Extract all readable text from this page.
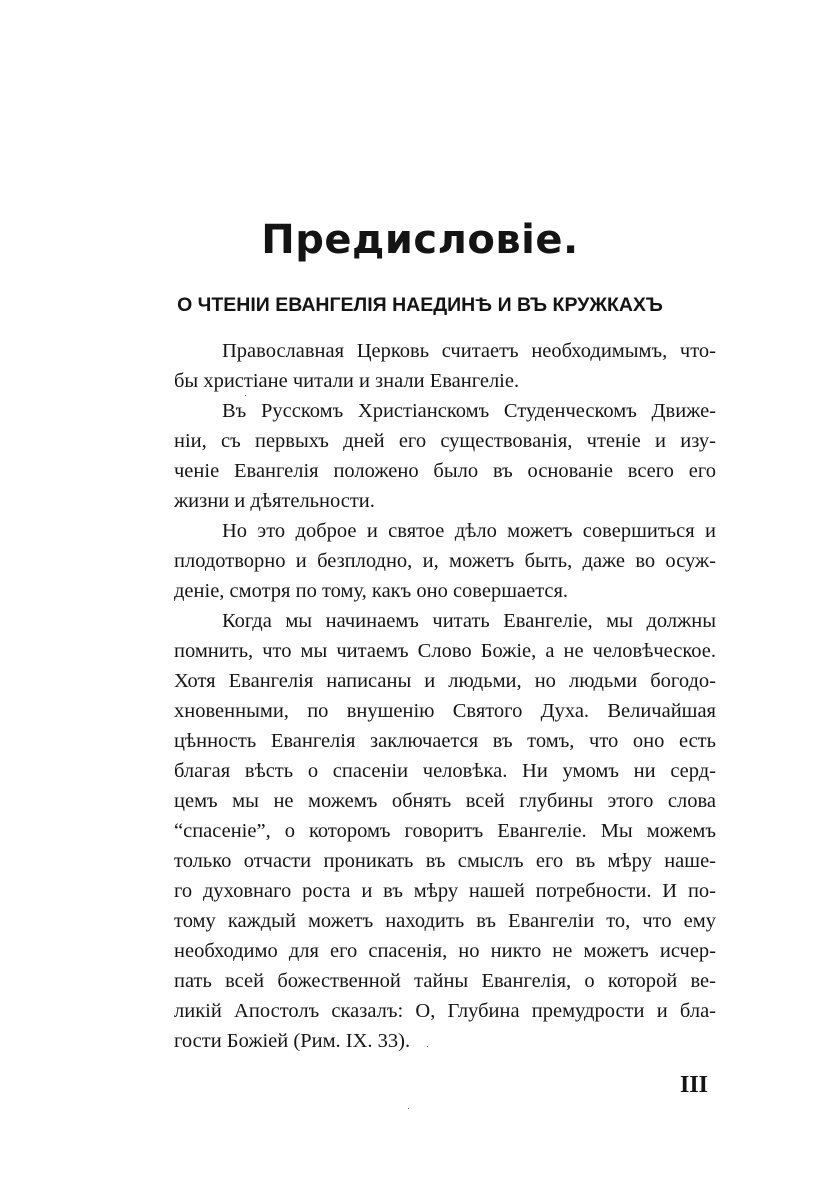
Предисловіе.
О ЧТЕНІИ ЕВАНГЕЛІЯ НАЕДИНѢ И ВЪ КРУЖКАХЪ
Православная Церковь считаетъ необходимымъ, что-
бы христіане читали и знали Евангеліе.
Въ Русскомъ Христіанскомъ Студенческомъ Движе-
ніи, съ первыхъ дней его существованія, чтеніе и изу-
ченіе Евангелія положено было въ основаніе всего его
жизни и дѣятельности.
Но это доброе и святое дѣло можетъ совершиться и
плодотворно и безплодно, и, можетъ быть, даже во осуж-
деніе, смотря по тому, какъ оно совершается.
Когда мы начинаемъ читать Евангеліе, мы должны
помнить, что мы читаемъ Слово Божіе, а не человѣческое.
Хотя Евангелія написаны и людьми, но людьми богодо-
хновенными, по внушенію Святого Духа. Величайшая
цѣнность Евангелія заключается въ томъ, что оно есть
благая вѣсть о спасеніи человѣка. Ни умомъ ни серд-
цемъ мы не можемъ обнять всей глубины этого слова
“спасеніе”, о которомъ говоритъ Евангеліе. Мы можемъ
только отчасти проникать въ смыслъ его въ мѣру наше-
го духовнаго роста и въ мѣру нашей потребности. И по-
тому каждый можетъ находить въ Евангеліи то, что ему
необходимо для его спасенія, но никто не можетъ исчер-
пать всей божественной тайны Евангелія, о которой ве-
ликій Апостолъ сказалъ: О, Глубина премудрости и бла-
гости Божіей (Рим. IX. 33).
III
